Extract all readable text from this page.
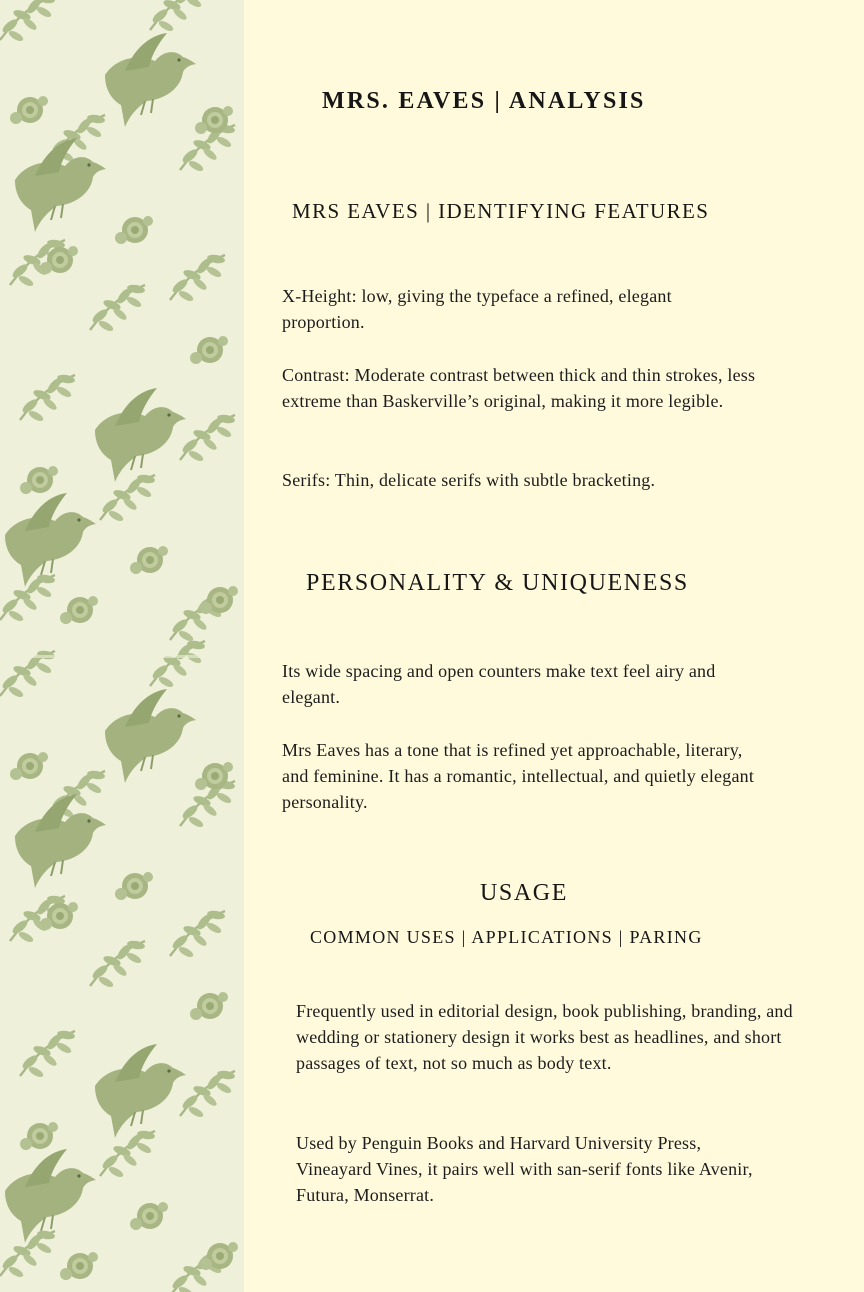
MRS. EAVES | ANALYSIS
MRS EAVES | IDENTIFYING FEATURES

X-Height: low, giving the typeface a refined, elegant proportion.

Contrast: Moderate contrast between thick and thin strokes, less extreme than Baskerville’s original, making it more legible.

Serifs: Thin, delicate serifs with subtle bracketing.

PERSONALITY & UNIQUENESS

Its wide spacing and open counters make text feel airy and elegant.

Mrs Eaves has a tone that is refined yet approachable, literary, and feminine. It has a romantic, intellectual, and quietly elegant personality.

USAGE
COMMON USES | APPLICATIONS | PARING

Frequently used in editorial design, book publishing, branding, and wedding or stationery design it works best as headlines, and short passages of text, not so much as body text.

Used by Penguin Books and Harvard University Press, Vineayard Vines, it pairs well with san-serif fonts like Avenir, Futura, Monserrat.
